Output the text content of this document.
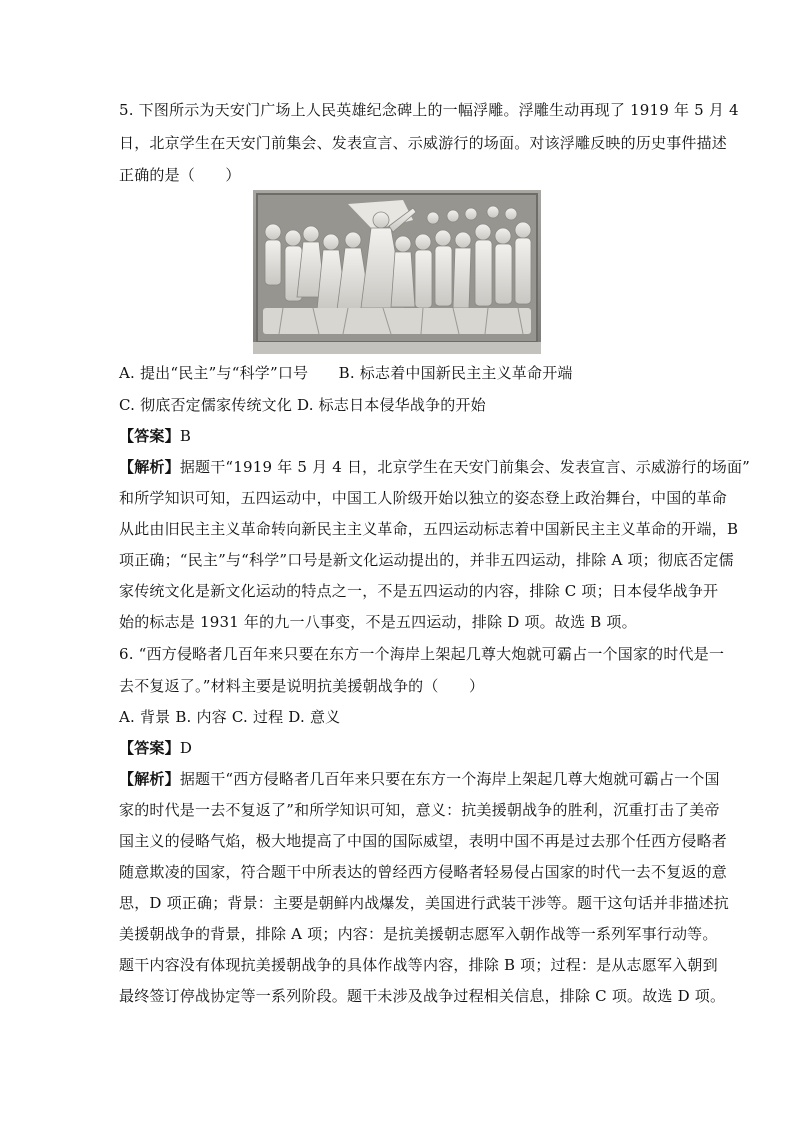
5. 下图所示为天安门广场上人民英雄纪念碑上的一幅浮雕。浮雕生动再现了 1919 年 5 月 4
日，北京学生在天安门前集会、发表宣言、示威游行的场面。对该浮雕反映的历史事件描述
正确的是（　　）
A. 提出“民主”与“科学”口号　　B. 标志着中国新民主主义革命开端
C. 彻底否定儒家传统文化 D. 标志日本侵华战争的开始
【答案】B
【解析】据题干“1919 年 5 月 4 日，北京学生在天安门前集会、发表宣言、示威游行的场面”
和所学知识可知，五四运动中，中国工人阶级开始以独立的姿态登上政治舞台，中国的革命
从此由旧民主主义革命转向新民主主义革命，五四运动标志着中国新民主主义革命的开端，B
项正确；“民主”与“科学”口号是新文化运动提出的，并非五四运动，排除 A 项；彻底否定儒
家传统文化是新文化运动的特点之一，不是五四运动的内容，排除 C 项；日本侵华战争开
始的标志是 1931 年的九一八事变，不是五四运动，排除 D 项。故选 B 项。
6. “西方侵略者几百年来只要在东方一个海岸上架起几尊大炮就可霸占一个国家的时代是一
去不复返了。”材料主要是说明抗美援朝战争的（　　）
A. 背景 B. 内容 C. 过程 D. 意义
【答案】D
【解析】据题干“西方侵略者几百年来只要在东方一个海岸上架起几尊大炮就可霸占一个国
家的时代是一去不复返了”和所学知识可知，意义：抗美援朝战争的胜利，沉重打击了美帝
国主义的侵略气焰，极大地提高了中国的国际威望，表明中国不再是过去那个任西方侵略者
随意欺凌的国家，符合题干中所表达的曾经西方侵略者轻易侵占国家的时代一去不复返的意
思，D 项正确；背景：主要是朝鲜内战爆发，美国进行武装干涉等。题干这句话并非描述抗
美援朝战争的背景，排除 A 项；内容：是抗美援朝志愿军入朝作战等一系列军事行动等。
题干内容没有体现抗美援朝战争的具体作战等内容，排除 B 项；过程：是从志愿军入朝到
最终签订停战协定等一系列阶段。题干未涉及战争过程相关信息，排除 C 项。故选 D 项。
